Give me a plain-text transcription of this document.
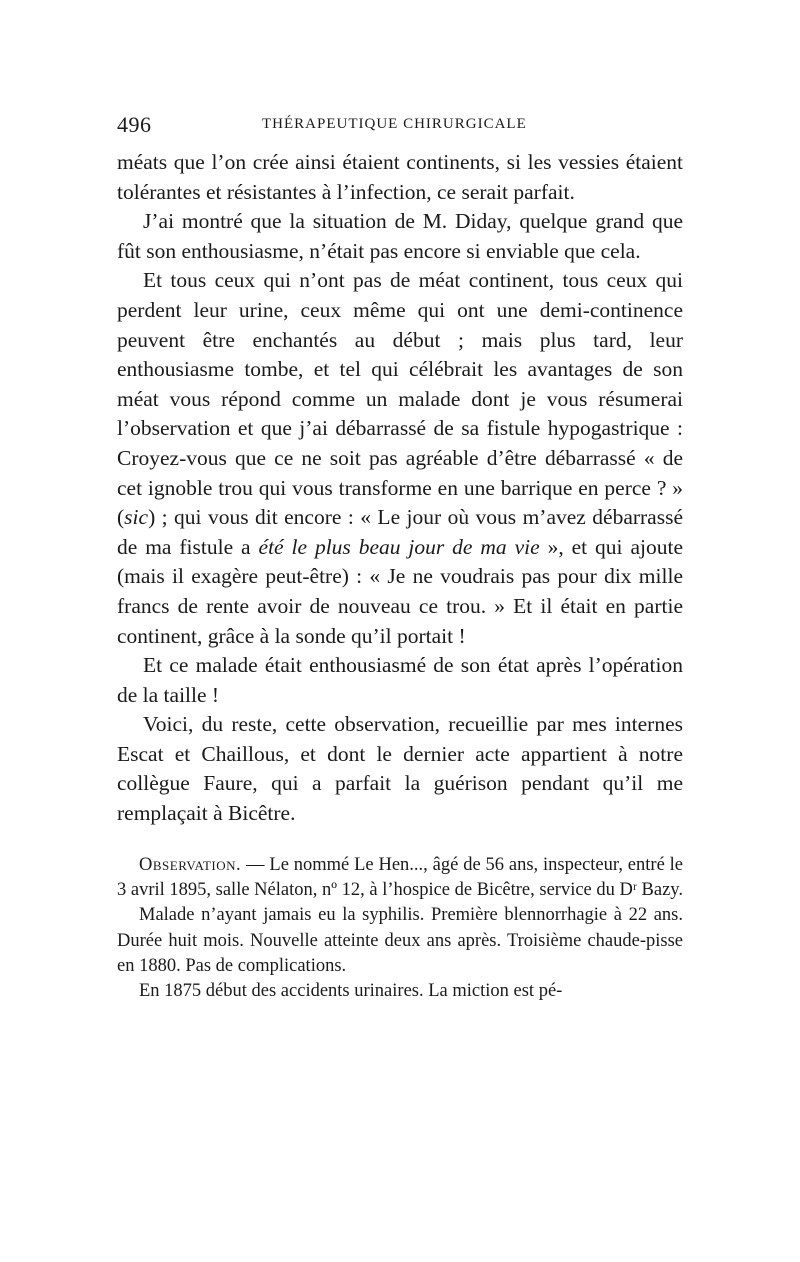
496	THÉRAPEUTIQUE CHIRURGICALE

méats que l’on crée ainsi étaient continents, si les vessies étaient tolérantes et résistantes à l’infection, ce serait parfait.

J’ai montré que la situation de M. Diday, quelque grand que fût son enthousiasme, n’était pas encore si enviable que cela.

Et tous ceux qui n’ont pas de méat continent, tous ceux qui perdent leur urine, ceux même qui ont une demi-continence peuvent être enchantés au début ; mais plus tard, leur enthousiasme tombe, et tel qui célébrait les avantages de son méat vous répond comme un malade dont je vous résumerai l’observation et que j’ai débarrassé de sa fistule hypogastrique : Croyez-vous que ce ne soit pas agréable d’être débarrassé « de cet ignoble trou qui vous transforme en une barrique en perce ? » (sic) ; qui vous dit encore : « Le jour où vous m’avez débarrassé de ma fistule a été le plus beau jour de ma vie », et qui ajoute (mais il exagère peut-être) : « Je ne voudrais pas pour dix mille francs de rente avoir de nouveau ce trou. » Et il était en partie continent, grâce à la sonde qu’il portait !

Et ce malade était enthousiasmé de son état après l’opération de la taille !

Voici, du reste, cette observation, recueillie par mes internes Escat et Chaillous, et dont le dernier acte appartient à notre collègue Faure, qui a parfait la guérison pendant qu’il me remplaçait à Bicêtre.

Observation. — Le nommé Le Hen..., âgé de 56 ans, inspecteur, entré le 3 avril 1895, salle Nélaton, nº 12, à l’hospice de Bicêtre, service du Dʳ Bazy.

Malade n’ayant jamais eu la syphilis. Première blennorrhagie à 22 ans. Durée huit mois. Nouvelle atteinte deux ans après. Troisième chaude-pisse en 1880. Pas de complications.

En 1875 début des accidents urinaires. La miction est pé-
